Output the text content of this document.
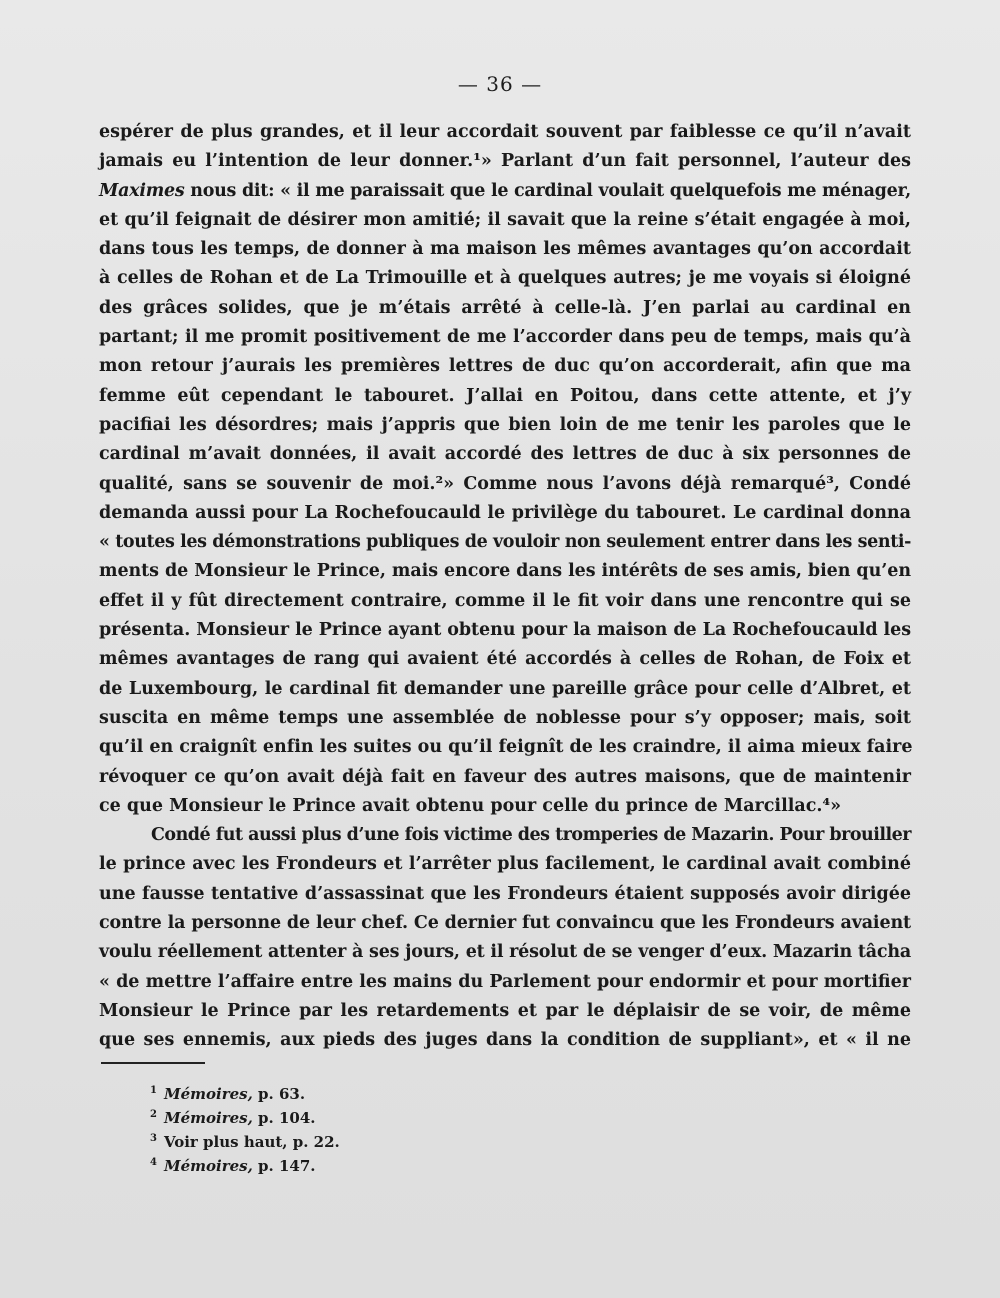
— 36 —
espérer de plus grandes, et il leur accordait souvent par faiblesse ce qu’il n’avait
jamais eu l’intention de leur donner.¹» Parlant d’un fait personnel, l’auteur des
Maximes nous dit: « il me paraissait que le cardinal voulait quelquefois me ménager,
et qu’il feignait de désirer mon amitié; il savait que la reine s’était engagée à moi,
dans tous les temps, de donner à ma maison les mêmes avantages qu’on accordait
à celles de Rohan et de La Trimouille et à quelques autres; je me voyais si éloigné
des grâces solides, que je m’étais arrêté à celle-là. J’en parlai au cardinal en
partant; il me promit positivement de me l’accorder dans peu de temps, mais qu’à
mon retour j’aurais les premières lettres de duc qu’on accorderait, afin que ma
femme eût cependant le tabouret. J’allai en Poitou, dans cette attente, et j’y
pacifiai les désordres; mais j’appris que bien loin de me tenir les paroles que le
cardinal m’avait données, il avait accordé des lettres de duc à six personnes de
qualité, sans se souvenir de moi.²» Comme nous l’avons déjà remarqué³, Condé
demanda aussi pour La Rochefoucauld le privilège du tabouret. Le cardinal donna
« toutes les démonstrations publiques de vouloir non seulement entrer dans les senti-
ments de Monsieur le Prince, mais encore dans les intérêts de ses amis, bien qu’en
effet il y fût directement contraire, comme il le fit voir dans une rencontre qui se
présenta. Monsieur le Prince ayant obtenu pour la maison de La Rochefoucauld les
mêmes avantages de rang qui avaient été accordés à celles de Rohan, de Foix et
de Luxembourg, le cardinal fit demander une pareille grâce pour celle d’Albret, et
suscita en même temps une assemblée de noblesse pour s’y opposer; mais, soit
qu’il en craignît enfin les suites ou qu’il feignît de les craindre, il aima mieux faire
révoquer ce qu’on avait déjà fait en faveur des autres maisons, que de maintenir
ce que Monsieur le Prince avait obtenu pour celle du prince de Marcillac.⁴»
Condé fut aussi plus d’une fois victime des tromperies de Mazarin. Pour brouiller
le prince avec les Frondeurs et l’arrêter plus facilement, le cardinal avait combiné
une fausse tentative d’assassinat que les Frondeurs étaient supposés avoir dirigée
contre la personne de leur chef. Ce dernier fut convaincu que les Frondeurs avaient
voulu réellement attenter à ses jours, et il résolut de se venger d’eux. Mazarin tâcha
« de mettre l’affaire entre les mains du Parlement pour endormir et pour mortifier
Monsieur le Prince par les retardements et par le déplaisir de se voir, de même
que ses ennemis, aux pieds des juges dans la condition de suppliant», et « il ne
$^1$ Mémoires, p. 63.
$^2$ Mémoires, p. 104.
$^3$ Voir plus haut, p. 22.
$^4$ Mémoires, p. 147.
